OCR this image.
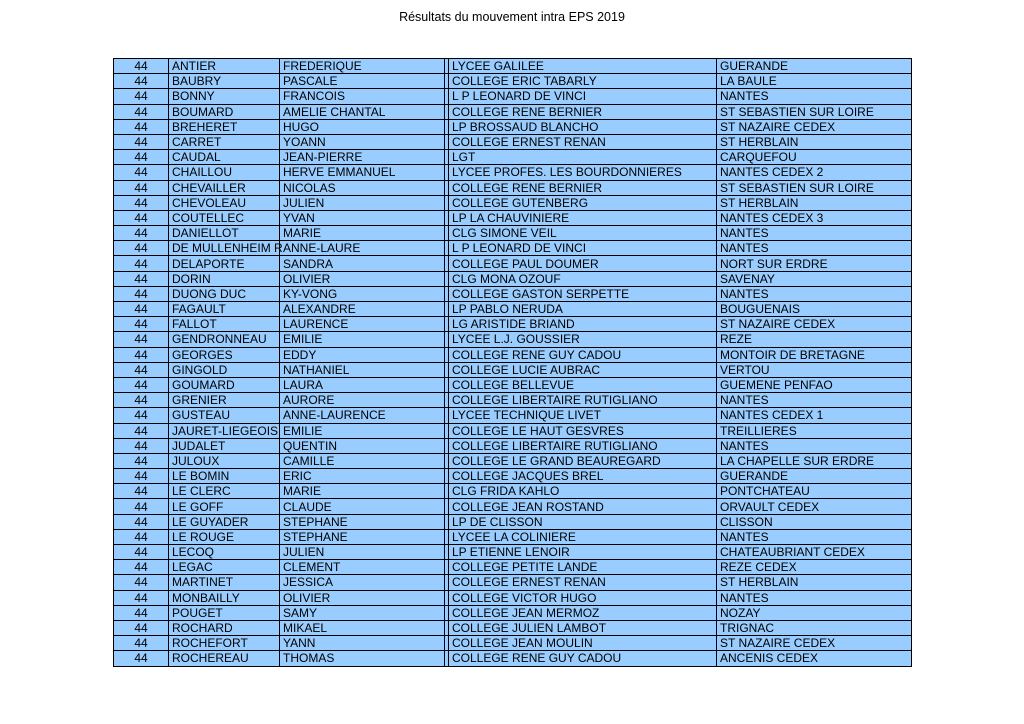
Résultats du mouvement intra EPS 2019
44	ANTIER	FREDERIQUE		LYCEE GALILEE	GUERANDE
44	BAUBRY	PASCALE		COLLEGE ERIC TABARLY	LA BAULE
44	BONNY	FRANCOIS		L P LEONARD DE VINCI	NANTES
44	BOUMARD	AMELIE CHANTAL		COLLEGE RENE BERNIER	ST SEBASTIEN SUR LOIRE
44	BREHERET	HUGO		LP BROSSAUD BLANCHO	ST NAZAIRE CEDEX
44	CARRET	YOANN		COLLEGE ERNEST RENAN	ST HERBLAIN
44	CAUDAL	JEAN-PIERRE		LGT	CARQUEFOU
44	CHAILLOU	HERVE EMMANUEL		LYCEE PROFES. LES BOURDONNIERES	NANTES CEDEX 2
44	CHEVAILLER	NICOLAS		COLLEGE RENE BERNIER	ST SEBASTIEN SUR LOIRE
44	CHEVOLEAU	JULIEN		COLLEGE GUTENBERG	ST HERBLAIN
44	COUTELLEC	YVAN		LP LA CHAUVINIERE	NANTES CEDEX 3
44	DANIELLOT	MARIE		CLG SIMONE VEIL	NANTES
44	DE MULLENHEIM R	ANNE-LAURE		L P LEONARD DE VINCI	NANTES
44	DELAPORTE	SANDRA		COLLEGE PAUL DOUMER	NORT SUR ERDRE
44	DORIN	OLIVIER		CLG MONA OZOUF	SAVENAY
44	DUONG DUC	KY-VONG		COLLEGE GASTON SERPETTE	NANTES
44	FAGAULT	ALEXANDRE		LP PABLO NERUDA	BOUGUENAIS
44	FALLOT	LAURENCE		LG ARISTIDE BRIAND	ST NAZAIRE CEDEX
44	GENDRONNEAU	EMILIE		LYCEE L.J. GOUSSIER	REZE
44	GEORGES	EDDY		COLLEGE RENE GUY CADOU	MONTOIR DE BRETAGNE
44	GINGOLD	NATHANIEL		COLLEGE LUCIE AUBRAC	VERTOU
44	GOUMARD	LAURA		COLLEGE BELLEVUE	GUEMENE PENFAO
44	GRENIER	AURORE		COLLEGE LIBERTAIRE RUTIGLIANO	NANTES
44	GUSTEAU	ANNE-LAURENCE		LYCEE TECHNIQUE LIVET	NANTES CEDEX 1
44	JAURET-LIEGEOIS	EMILIE		COLLEGE LE HAUT GESVRES	TREILLIERES
44	JUDALET	QUENTIN		COLLEGE LIBERTAIRE RUTIGLIANO	NANTES
44	JULOUX	CAMILLE		COLLEGE LE GRAND BEAUREGARD	LA CHAPELLE SUR ERDRE
44	LE BOMIN	ERIC		COLLEGE JACQUES BREL	GUERANDE
44	LE CLERC	MARIE		CLG FRIDA KAHLO	PONTCHATEAU
44	LE GOFF	CLAUDE		COLLEGE JEAN ROSTAND	ORVAULT CEDEX
44	LE GUYADER	STEPHANE		LP DE CLISSON	CLISSON
44	LE ROUGE	STEPHANE		LYCEE LA COLINIERE	NANTES
44	LECOQ	JULIEN		LP ETIENNE LENOIR	CHATEAUBRIANT CEDEX
44	LEGAC	CLEMENT		COLLEGE PETITE LANDE	REZE CEDEX
44	MARTINET	JESSICA		COLLEGE ERNEST RENAN	ST HERBLAIN
44	MONBAILLY	OLIVIER		COLLEGE VICTOR HUGO	NANTES
44	POUGET	SAMY		COLLEGE JEAN MERMOZ	NOZAY
44	ROCHARD	MIKAEL		COLLEGE JULIEN LAMBOT	TRIGNAC
44	ROCHEFORT	YANN		COLLEGE JEAN MOULIN	ST NAZAIRE CEDEX
44	ROCHEREAU	THOMAS		COLLEGE RENE GUY CADOU	ANCENIS CEDEX
